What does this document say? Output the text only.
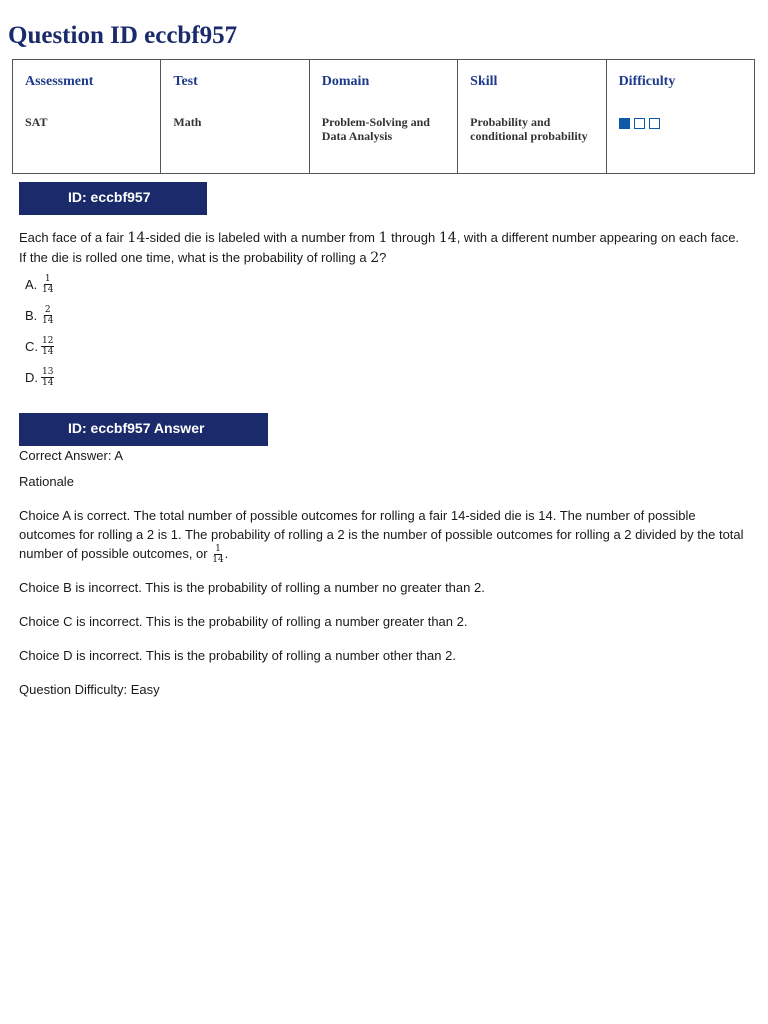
Question ID eccbf957
Assessment
SAT

Test
Math

Domain
Problem-Solving and Data Analysis

Skill
Probability and conditional probability

Difficulty
ID: eccbf957
Each face of a fair 14-sided die is labeled with a number from 1 through 14, with a different number appearing on each face. If the die is rolled one time, what is the probability of rolling a 2?
A. $\frac{1}{14}$
B. $\frac{2}{14}$
C. $\frac{12}{14}$
D. $\frac{13}{14}$
ID: eccbf957 Answer
Correct Answer: A
Rationale
Choice A is correct. The total number of possible outcomes for rolling a fair 14-sided die is 14. The number of possible outcomes for rolling a 2 is 1. The probability of rolling a 2 is the number of possible outcomes for rolling a 2 divided by the total number of possible outcomes, or $\frac{1}{14}$ .
Choice B is incorrect. This is the probability of rolling a number no greater than 2.
Choice C is incorrect. This is the probability of rolling a number greater than 2.
Choice D is incorrect. This is the probability of rolling a number other than 2.
Question Difficulty: Easy
